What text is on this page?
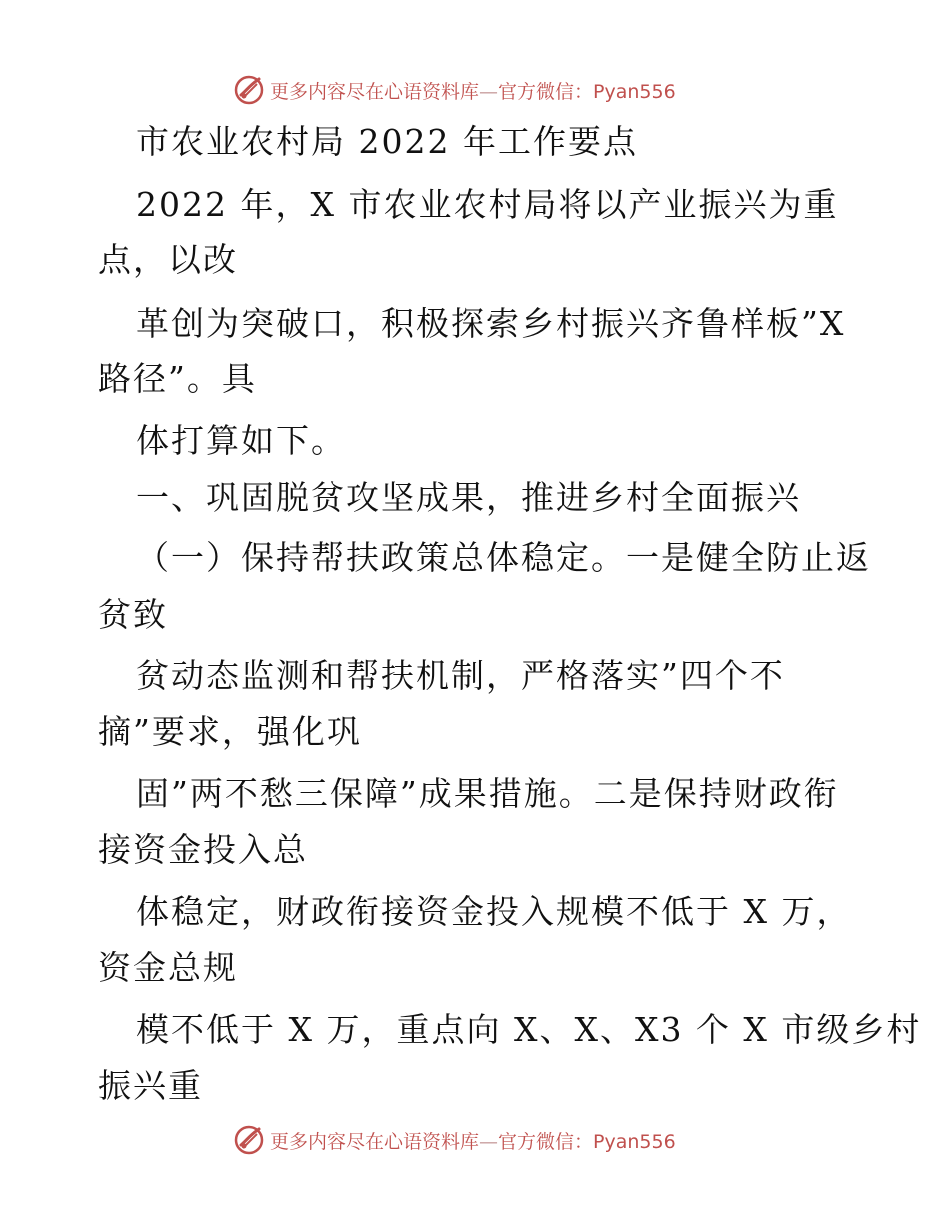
更多内容尽在心语资料库—官方微信：Pyan556
市农业农村局 2022 年工作要点
2022 年，X 市农业农村局将以产业振兴为重
点，以改
革创为突破口，积极探索乡村振兴齐鲁样板”X
路径”。具
体打算如下。
一、巩固脱贫攻坚成果，推进乡村全面振兴
（一）保持帮扶政策总体稳定。一是健全防止返
贫致
贫动态监测和帮扶机制，严格落实”四个不
摘”要求，强化巩
固”两不愁三保障”成果措施。二是保持财政衔
接资金投入总
体稳定，财政衔接资金投入规模不低于 X 万，
资金总规
模不低于 X 万，重点向 X、X、X3 个 X 市级乡村
振兴重
更多内容尽在心语资料库—官方微信：Pyan556
